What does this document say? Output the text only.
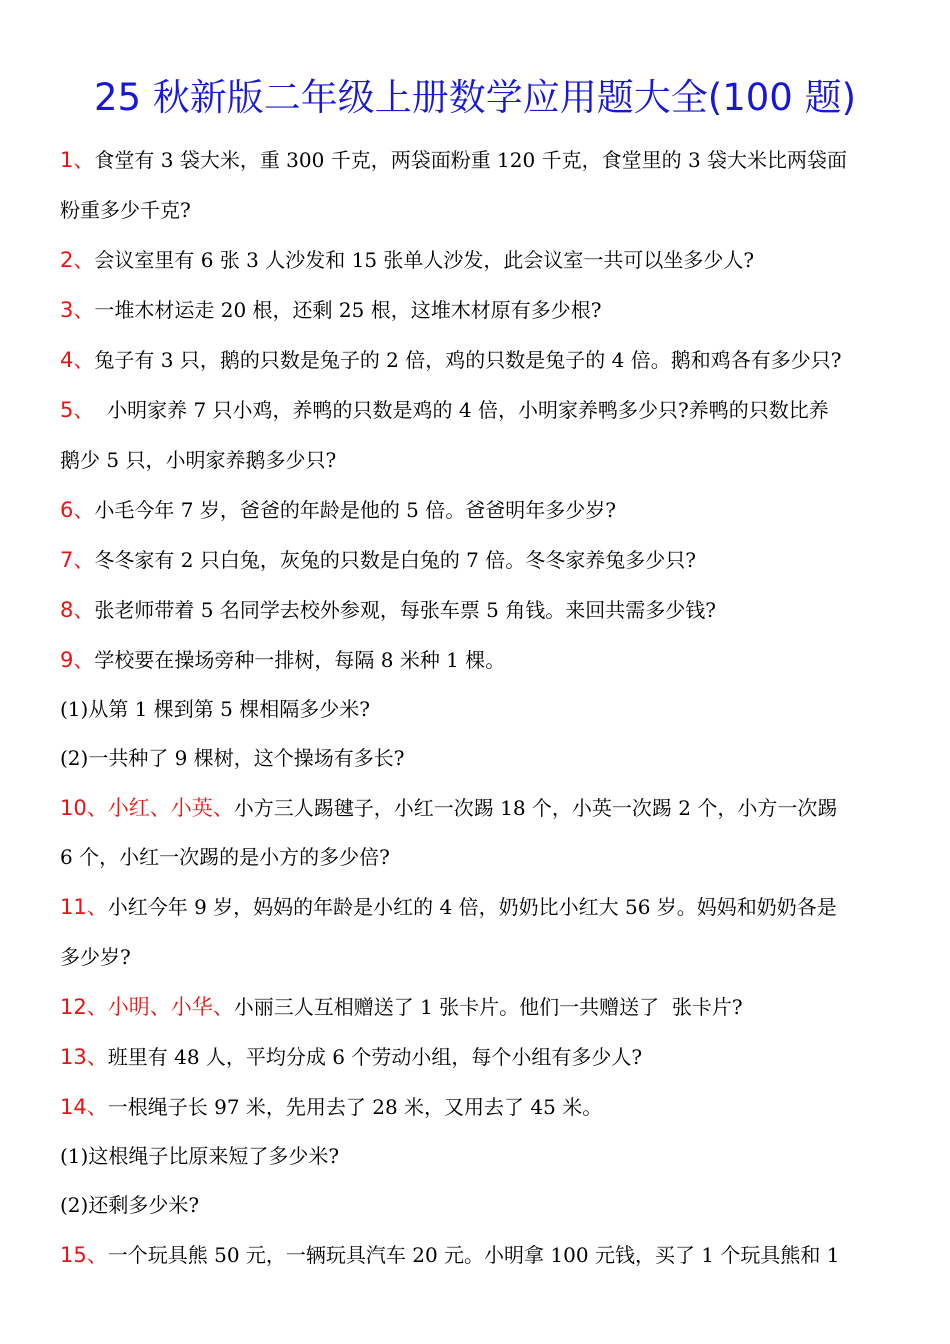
25 秋新版二年级上册数学应用题大全(100 题)
1、食堂有 3 袋大米，重 300 千克，两袋面粉重 120 千克，食堂里的 3 袋大米比两袋面
粉重多少千克?
2、会议室里有 6 张 3 人沙发和 15 张单人沙发，此会议室一共可以坐多少人?
3、一堆木材运走 20 根，还剩 25 根，这堆木材原有多少根?
4、兔子有 3 只，鹅的只数是兔子的 2 倍，鸡的只数是兔子的 4 倍。鹅和鸡各有多少只?
5、  小明家养 7 只小鸡，养鸭的只数是鸡的 4 倍，小明家养鸭多少只?养鸭的只数比养
鹅少 5 只，小明家养鹅多少只?
6、小毛今年 7 岁，爸爸的年龄是他的 5 倍。爸爸明年多少岁?
7、冬冬家有 2 只白兔，灰兔的只数是白兔的 7 倍。冬冬家养兔多少只?
8、张老师带着 5 名同学去校外参观，每张车票 5 角钱。来回共需多少钱?
9、学校要在操场旁种一排树，每隔 8 米种 1 棵。
(1)从第 1 棵到第 5 棵相隔多少米?
(2)一共种了 9 棵树，这个操场有多长?
10、小红、小英、小方三人踢毽子，小红一次踢 18 个，小英一次踢 2 个，小方一次踢
6 个，小红一次踢的是小方的多少倍?
11、小红今年 9 岁，妈妈的年龄是小红的 4 倍，奶奶比小红大 56 岁。妈妈和奶奶各是
多少岁?
12、小明、小华、小丽三人互相赠送了 1 张卡片。他们一共赠送了  张卡片?
13、班里有 48 人，平均分成 6 个劳动小组，每个小组有多少人?
14、一根绳子长 97 米，先用去了 28 米，又用去了 45 米。
(1)这根绳子比原来短了多少米?
(2)还剩多少米?
15、一个玩具熊 50 元，一辆玩具汽车 20 元。小明拿 100 元钱，买了 1 个玩具熊和 1
